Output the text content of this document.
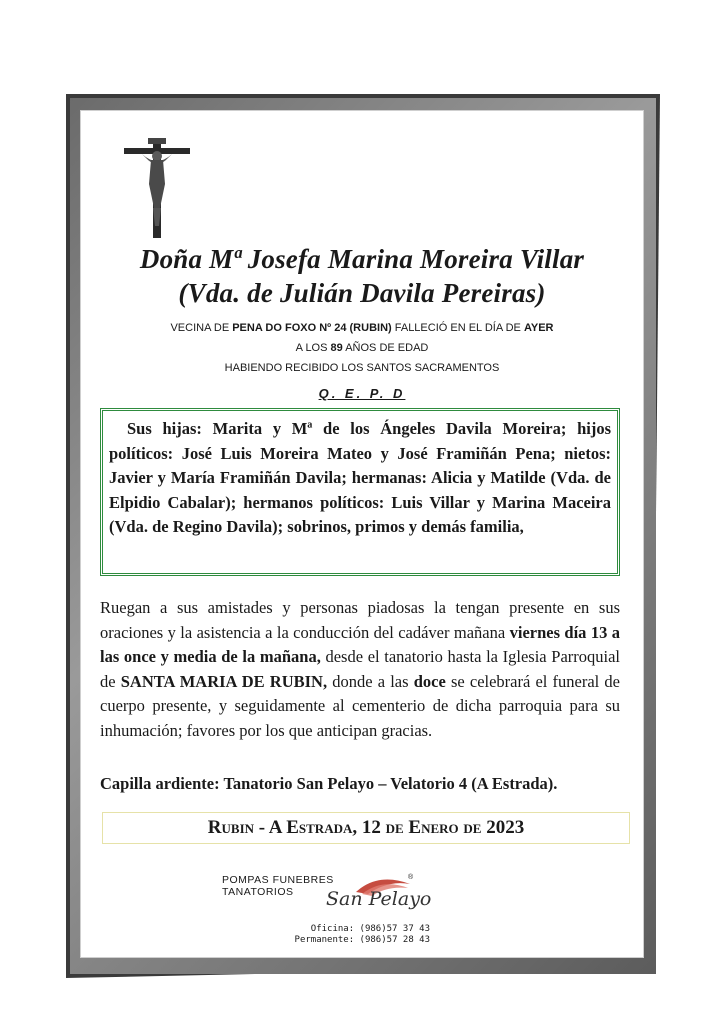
Doña Mª Josefa Marina Moreira Villar
(Vda. de Julián Davila Pereiras)
VECINA DE PENA DO FOXO Nº 24 (RUBIN) FALLECIÓ EN EL DÍA DE AYER
A LOS 89 AÑOS DE EDAD
HABIENDO RECIBIDO LOS SANTOS SACRAMENTOS
Q. E. P. D
Sus hijas: Marita y Mª de los Ángeles Davila Moreira; hijos políticos: José Luis Moreira Mateo y José Framiñán Pena; nietos: Javier y María Framiñán Davila; hermanas: Alicia y Matilde (Vda. de Elpidio Cabalar); hermanos políticos: Luis Villar y Marina Maceira (Vda. de Regino Davila); sobrinos, primos y demás familia,
Ruegan a sus amistades y personas piadosas la tengan presente en sus oraciones y la asistencia a la conducción del cadáver mañana viernes día 13 a las once y media de la mañana, desde el tanatorio hasta la Iglesia Parroquial de SANTA MARIA DE RUBIN, donde a las doce se celebrará el funeral de cuerpo presente, y seguidamente al cementerio de dicha parroquia para su inhumación; favores por los que anticipan gracias.
Capilla ardiente: Tanatorio San Pelayo – Velatorio 4 (A Estrada).
Rubin - A Estrada, 12 de Enero de 2023
POMPAS FUNEBRES
TANATORIOS	San Pelayo
®
Oficina: (986)57 37 43
Permanente: (986)57 28 43
